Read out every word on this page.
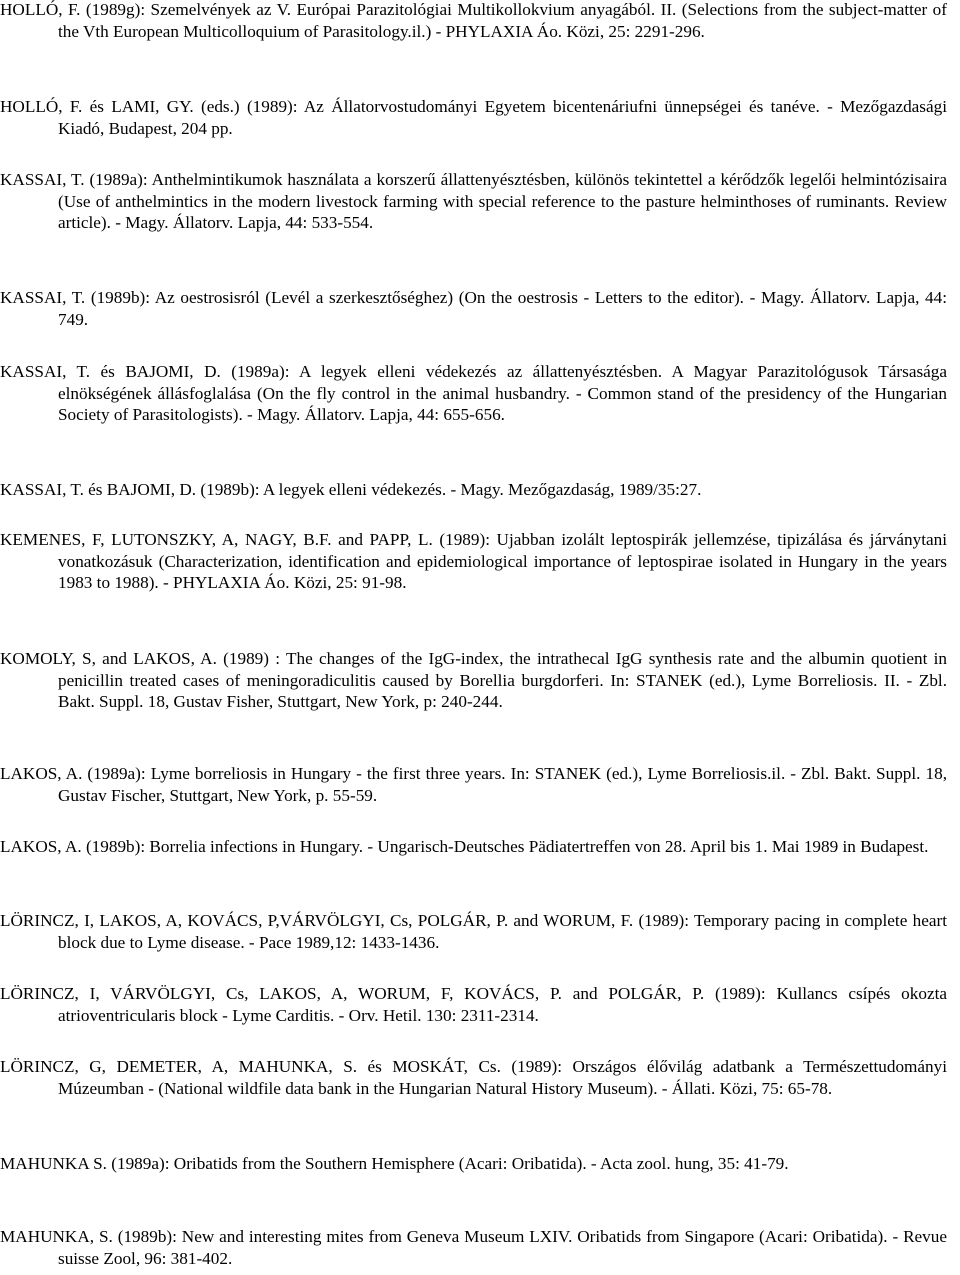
HOLLÓ, F. (1989g): Szemelvények az V. Európai Parazitológiai Multikollokvium anyagából. II. (Selections from the subject-matter of the Vth European Multicolloquium of Parasitology.il.) - PHYLAXIA Áo. Közi, 25: 2291-296.

HOLLÓ, F. és LAMI, GY. (eds.) (1989): Az Állatorvostudományi Egyetem bicentenáriufni ünnepségei és tanéve. - Mezőgazdasági Kiadó, Budapest, 204 pp.

KASSAI, T. (1989a): Anthelmintikumok használata a korszerű állattenyésztésben, különös tekintettel a kérődzők legelői helmintózisaira (Use of anthelmintics in the modern livestock farming with special reference to the pasture helminthoses of ruminants. Review article). - Magy. Állatorv. Lapja, 44: 533-554.

KASSAI, T. (1989b): Az oestrosisról (Levél a szerkesztőséghez) (On the oestrosis - Letters to the editor). - Magy. Állatorv. Lapja, 44: 749.

KASSAI, T. és BAJOMI, D. (1989a): A legyek elleni védekezés az állattenyésztésben. A Magyar Parazitológusok Társasága elnökségének állásfoglalása (On the fly control in the animal husbandry. - Common stand of the presidency of the Hungarian Society of Parasitologists). - Magy. Állatorv. Lapja, 44: 655-656.

KASSAI, T. és BAJOMI, D. (1989b): A legyek elleni védekezés. - Magy. Mezőgazdaság, 1989/35:27.

KEMENES, F, LUTONSZKY, A, NAGY, B.F. and PAPP, L. (1989): Ujabban izolált leptospirák jellemzése, tipizálása és járványtani vonatkozásuk (Characterization, identification and epidemiological importance of leptospirae isolated in Hungary in the years 1983 to 1988). - PHYLAXIA Áo. Közi, 25: 91-98.

KOMOLY, S, and LAKOS, A. (1989) : The changes of the IgG-index, the intrathecal IgG synthesis rate and the albumin quotient in penicillin treated cases of meningoradiculitis caused by Borellia burgdorferi. In: STANEK (ed.), Lyme Borreliosis. II. - Zbl. Bakt. Suppl. 18, Gustav Fisher, Stuttgart, New York, p: 240-244.

LAKOS, A. (1989a): Lyme borreliosis in Hungary - the first three years. In: STANEK (ed.), Lyme Borreliosis.il. - Zbl. Bakt. Suppl. 18, Gustav Fischer, Stuttgart, New York, p. 55-59.

LAKOS, A. (1989b): Borrelia infections in Hungary. - Ungarisch-Deutsches Pädiatertreffen von 28. April bis 1. Mai 1989 in Budapest.

LÖRINCZ, I, LAKOS, A, KOVÁCS, P,VÁRVÖLGYI, Cs, POLGÁR, P. and WORUM, F. (1989): Temporary pacing in complete heart block due to Lyme disease. - Pace 1989,12: 1433-1436.

LÖRINCZ, I, VÁRVÖLGYI, Cs, LAKOS, A, WORUM, F, KOVÁCS, P. and POLGÁR, P. (1989): Kullancs csípés okozta atrioventricularis block - Lyme Carditis. - Orv. Hetil. 130: 2311-2314.

LÖRINCZ, G, DEMETER, A, MAHUNKA, S. és MOSKÁT, Cs. (1989): Országos élővilág adatbank a Természettudományi Múzeumban - (National wildfile data bank in the Hungarian Natural History Museum). - Állati. Közi, 75: 65-78.

MAHUNKA S. (1989a): Oribatids from the Southern Hemisphere (Acari: Oribatida). - Acta zool. hung, 35: 41-79.

MAHUNKA, S. (1989b): New and interesting mites from Geneva Museum LXIV. Oribatids from Singapore (Acari: Oribatida). - Revue suisse Zool, 96: 381-402.
